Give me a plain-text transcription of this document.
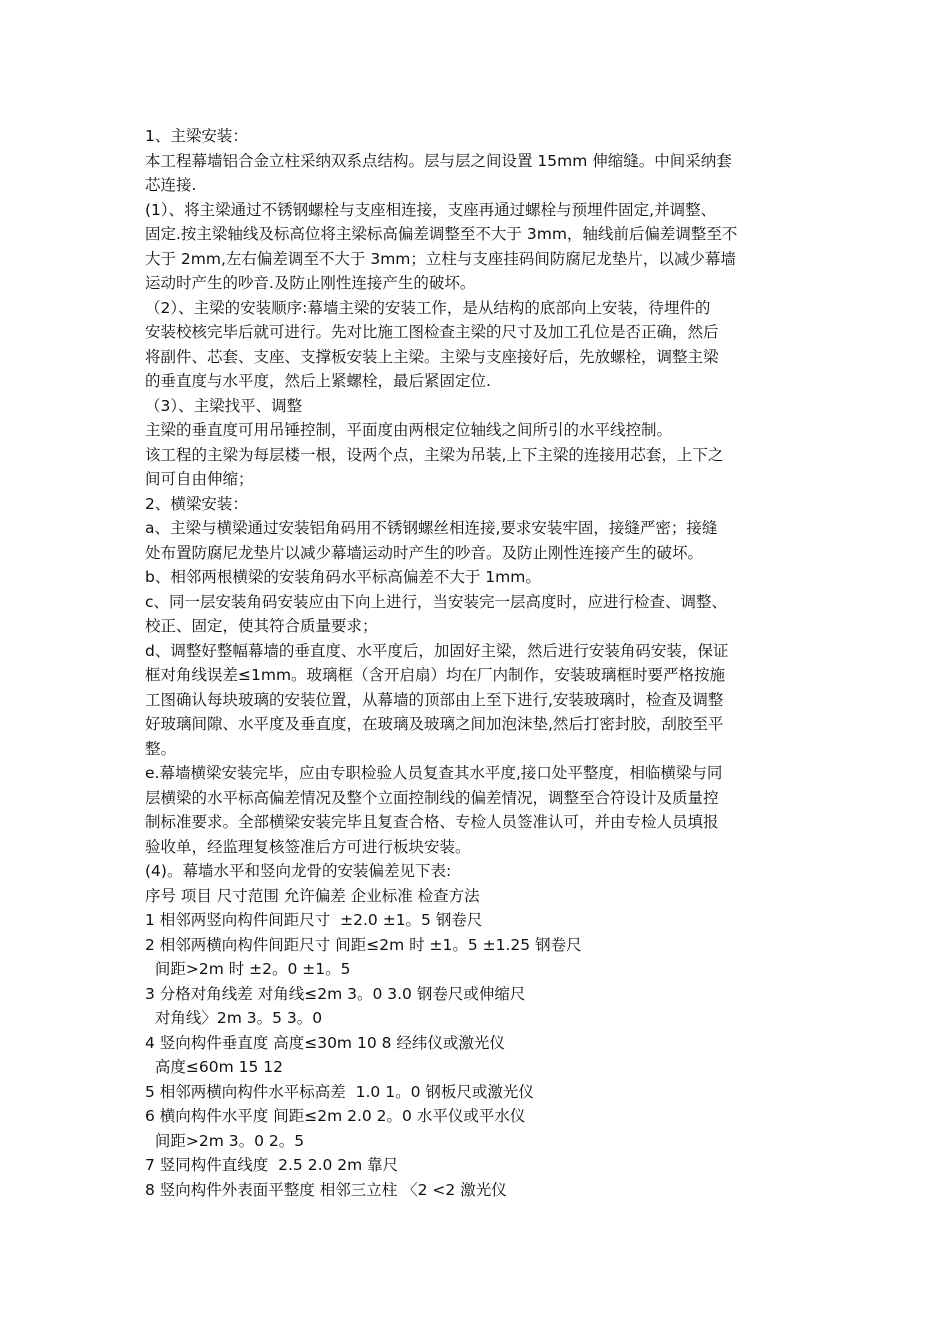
1、主梁安装：
本工程幕墙铝合金立柱采纳双系点结构。层与层之间设置 15mm 伸缩缝。中间采纳套
芯连接.
(1）、将主梁通过不锈钢螺栓与支座相连接，支座再通过螺栓与预埋件固定,并调整、
固定.按主梁轴线及标高位将主梁标高偏差调整至不大于 3mm，轴线前后偏差调整至不
大于 2mm,左右偏差调至不大于 3mm；立柱与支座挂码间防腐尼龙垫片，以减少幕墙
运动时产生的吵音.及防止刚性连接产生的破坏。
（2）、主梁的安装顺序:幕墙主梁的安装工作，是从结构的底部向上安装，待埋件的
安装校核完毕后就可进行。先对比施工图检查主梁的尺寸及加工孔位是否正确，然后
将副件、芯套、支座、支撑板安装上主梁。主梁与支座接好后，先放螺栓，调整主梁
的垂直度与水平度，然后上紧螺栓，最后紧固定位.
（3）、主梁找平、调整
主梁的垂直度可用吊锤控制，平面度由两根定位轴线之间所引的水平线控制。
该工程的主梁为每层楼一根，设两个点，主梁为吊装,上下主梁的连接用芯套，上下之
间可自由伸缩；
2、横梁安装：
a、主梁与横梁通过安装铝角码用不锈钢螺丝相连接,要求安装牢固，接缝严密；接缝
处布置防腐尼龙垫片以减少幕墙运动时产生的吵音。及防止刚性连接产生的破坏。
b、相邻两根横梁的安装角码水平标高偏差不大于 1mm。
c、同一层安装角码安装应由下向上进行，当安装完一层高度时，应进行检查、调整、
校正、固定，使其符合质量要求；
d、调整好整幅幕墙的垂直度、水平度后，加固好主梁，然后进行安装角码安装，保证
框对角线误差≤1mm。玻璃框（含开启扇）均在厂内制作，安装玻璃框时要严格按施
工图确认每块玻璃的安装位置，从幕墙的顶部由上至下进行,安装玻璃时，检查及调整
好玻璃间隙、水平度及垂直度，在玻璃及玻璃之间加泡沫垫,然后打密封胶，刮胶至平
整。
e.幕墙横梁安装完毕，应由专职检验人员复查其水平度,接口处平整度，相临横梁与同
层横梁的水平标高偏差情况及整个立面控制线的偏差情况，调整至合符设计及质量控
制标准要求。全部横梁安装完毕且复查合格、专检人员签准认可，并由专检人员填报
验收单，经监理复核签准后方可进行板块安装。
(4)。幕墙水平和竖向龙骨的安装偏差见下表:
序号 项目 尺寸范围 允许偏差 企业标准 检查方法
1 相邻两竖向构件间距尺寸  ±2.0 ±1。5 钢卷尺
2 相邻两横向构件间距尺寸 间距≤2m 时 ±1。5 ±1.25 钢卷尺
间距>2m 时 ±2。0 ±1。5
3 分格对角线差 对角线≤2m 3。0 3.0 钢卷尺或伸缩尺
对角线〉2m 3。5 3。0
4 竖向构件垂直度 高度≤30m 10 8 经纬仪或激光仪
高度≤60m 15 12
5 相邻两横向构件水平标高差  1.0 1。0 钢板尺或激光仪
6 横向构件水平度 间距≤2m 2.0 2。0 水平仪或平水仪
间距>2m 3。0 2。5
7 竖同构件直线度  2.5 2.0 2m 靠尺
8 竖向构件外表面平整度 相邻三立柱 〈2 <2 激光仪
